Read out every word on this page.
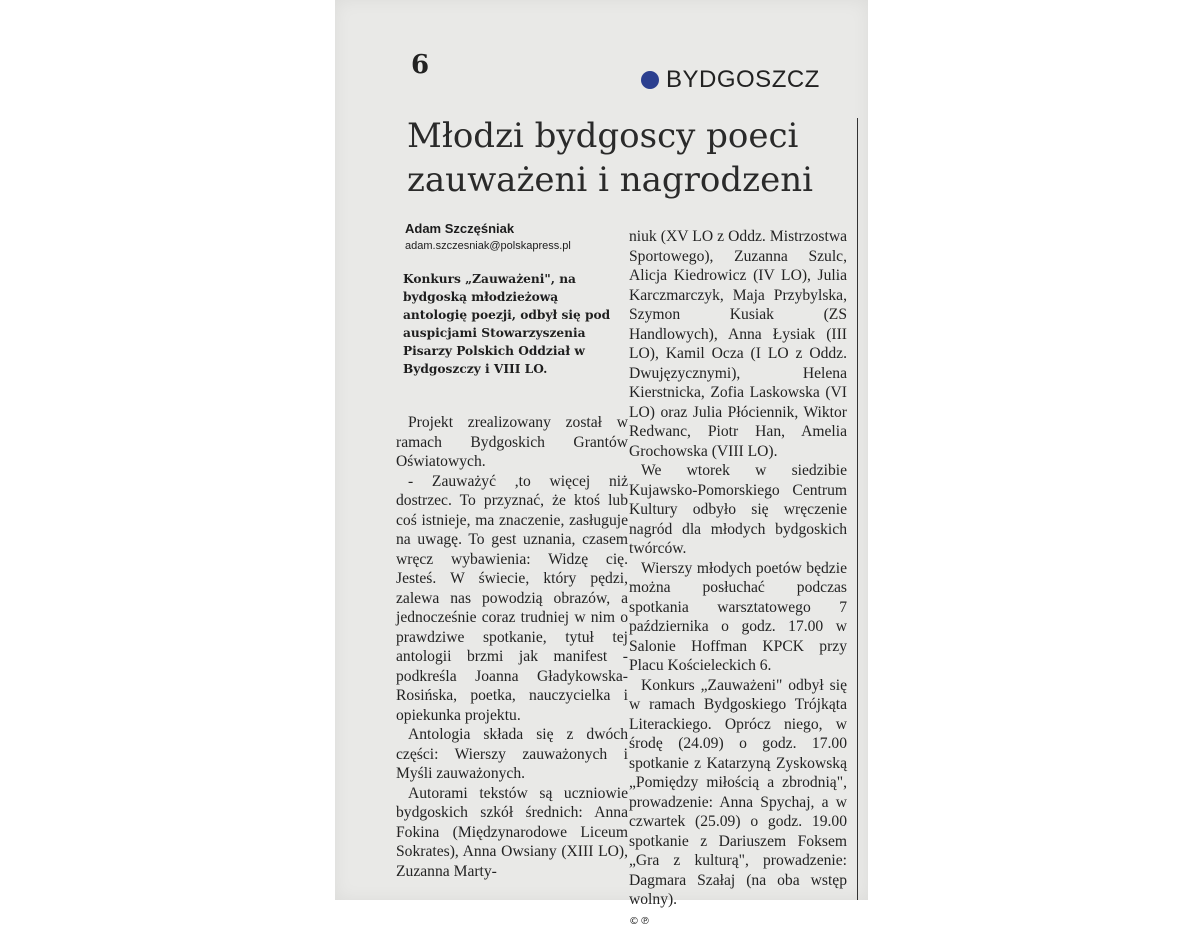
6	BYDGOSZCZ
Młodzi bydgoscy poeci zauważeni i nagrodzeni
Adam Szczęśniak
adam.szczesniak@polskapress.pl

Konkurs „Zauważeni", na bydgoską młodzieżową antologię poezji, odbył się pod auspicjami Stowarzyszenia Pisarzy Polskich Oddział w Bydgoszczy i VIII LO.

Projekt zrealizowany został w ramach Bydgoskich Grantów Oświatowych.

- Zauważyć ,to więcej niż dostrzec. To przyznać, że ktoś lub coś istnieje, ma znaczenie, zasługuje na uwagę. To gest uznania, czasem wręcz wybawienia: Widzę cię. Jesteś. W świecie, który pędzi, zalewa nas powodzią obrazów, a jednocześnie coraz trudniej w nim o prawdziwe spotkanie, tytuł tej antologii brzmi jak manifest - podkreśla Joanna Gładykowska-Rosińska, poetka, nauczycielka i opiekunka projektu.

Antologia składa się z dwóch części: Wierszy zauważonych i Myśli zauważonych.

Autorami tekstów są uczniowie bydgoskich szkół średnich: Anna Fokina (Międzynarodowe Liceum Sokrates), Anna Owsiany (XIII LO), Zuzanna Marty-

niuk (XV LO z Oddz. Mistrzostwa Sportowego), Zuzanna Szulc, Alicja Kiedrowicz (IV LO), Julia Karczmarczyk, Maja Przybylska, Szymon Kusiak (ZS Handlowych), Anna Łysiak (III LO), Kamil Ocza (I LO z Oddz. Dwujęzycznymi), Helena Kierstnicka, Zofia Laskowska (VI LO) oraz Julia Płóciennik, Wiktor Redwanc, Piotr Han, Amelia Grochowska (VIII LO).

We wtorek w siedzibie Kujawsko-Pomorskiego Centrum Kultury odbyło się wręczenie nagród dla młodych bydgoskich twórców.

Wierszy młodych poetów będzie można posłuchać podczas spotkania warsztatowego 7 października o godz. 17.00 w Salonie Hoffman KPCK przy Placu Kościeleckich 6.

Konkurs „Zauważeni" odbył się w ramach Bydgoskiego Trójkąta Literackiego. Oprócz niego, w środę (24.09) o godz. 17.00 spotkanie z Katarzyną Zyskowską „Pomiędzy miłością a zbrodnią", prowadzenie: Anna Spychaj, a w czwartek (25.09) o godz. 19.00 spotkanie z Dariuszem Foksem „Gra z kulturą", prowadzenie: Dagmara Szałaj (na oba wstęp wolny).

©℗
